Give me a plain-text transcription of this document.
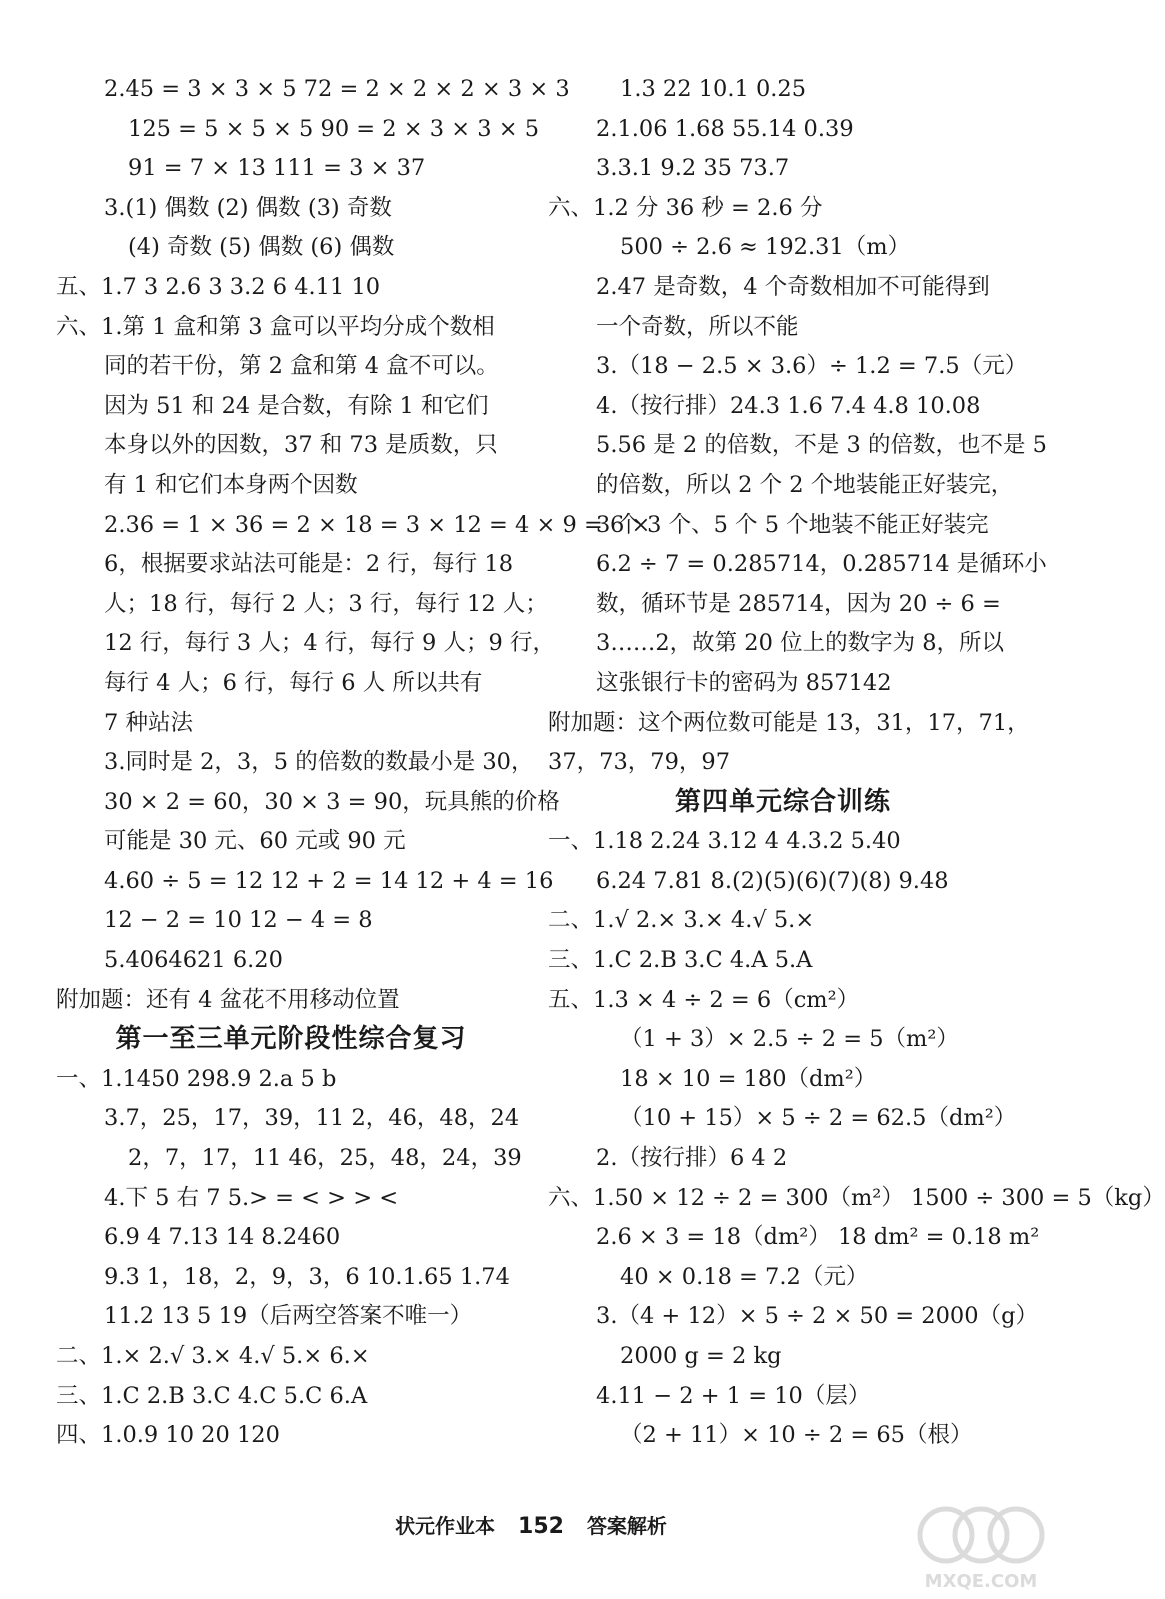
2.45 = 3 × 3 × 5 72 = 2 × 2 × 2 × 3 × 3
125 = 5 × 5 × 5 90 = 2 × 3 × 3 × 5
91 = 7 × 13 111 = 3 × 37
3.(1) 偶数 (2) 偶数 (3) 奇数
(4) 奇数 (5) 偶数 (6) 偶数
五、1.7 3 2.6 3 3.2 6 4.11 10
六、1.第 1 盒和第 3 盒可以平均分成个数相
同的若干份，第 2 盒和第 4 盒不可以。
因为 51 和 24 是合数，有除 1 和它们
本身以外的因数，37 和 73 是质数，只
有 1 和它们本身两个因数
2.36 = 1 × 36 = 2 × 18 = 3 × 12 = 4 × 9 = 6 ×
6，根据要求站法可能是：2 行，每行 18
人；18 行，每行 2 人；3 行，每行 12 人；
12 行，每行 3 人；4 行，每行 9 人；9 行，
每行 4 人；6 行，每行 6 人 所以共有
7 种站法
3.同时是 2，3，5 的倍数的数最小是 30，
30 × 2 = 60，30 × 3 = 90，玩具熊的价格
可能是 30 元、60 元或 90 元
4.60 ÷ 5 = 12 12 + 2 = 14 12 + 4 = 16
12 − 2 = 10 12 − 4 = 8
5.4064621 6.20
附加题：还有 4 盆花不用移动位置
第一至三单元阶段性综合复习
一、1.1450 298.9 2.a 5 b
3.7，25，17，39，11 2，46，48，24
2，7，17，11 46，25，48，24，39
4.下 5 右 7 5.> = < > > <
6.9 4 7.13 14 8.2460
9.3 1，18，2，9，3，6 10.1.65 1.74
11.2 13 5 19（后两空答案不唯一）
二、1.× 2.√ 3.× 4.√ 5.× 6.×
三、1.C 2.B 3.C 4.C 5.C 6.A
四、1.0.9 10 20 120
1.3 22 10.1 0.25
2.1.06 1.68 55.14 0.39
3.3.1 9.2 35 73.7
六、1.2 分 36 秒 = 2.6 分
500 ÷ 2.6 ≈ 192.31（m）
2.47 是奇数，4 个奇数相加不可能得到
一个奇数，所以不能
3.（18 − 2.5 × 3.6）÷ 1.2 = 7.5（元）
4.（按行排）24.3 1.6 7.4 4.8 10.08
5.56 是 2 的倍数，不是 3 的倍数，也不是 5
的倍数，所以 2 个 2 个地装能正好装完，
3 个 3 个、5 个 5 个地装不能正好装完
6.2 ÷ 7 = 0.2̇85714̇，0.2̇85714̇ 是循环小
数，循环节是 285714，因为 20 ÷ 6 =
3……2，故第 20 位上的数字为 8，所以
这张银行卡的密码为 857142
附加题：这个两位数可能是 13，31，17，71，
37，73，79，97
第四单元综合训练
一、1.18 2.24 3.12 4 4.3.2 5.40
6.24 7.81 8.(2)(5)(6)(7)(8) 9.48
二、1.√ 2.× 3.× 4.√ 5.×
三、1.C 2.B 3.C 4.A 5.A
五、1.3 × 4 ÷ 2 = 6（cm²）
（1 + 3）× 2.5 ÷ 2 = 5（m²）
18 × 10 = 180（dm²）
（10 + 15）× 5 ÷ 2 = 62.5（dm²）
2.（按行排）6 4 2
六、1.50 × 12 ÷ 2 = 300（m²） 1500 ÷ 300 = 5（kg）
2.6 × 3 = 18（dm²） 18 dm² = 0.18 m²
40 × 0.18 = 7.2（元）
3.（4 + 12）× 5 ÷ 2 × 50 = 2000（g）
2000 g = 2 kg
4.11 − 2 + 1 = 10（层）
（2 + 11）× 10 ÷ 2 = 65（根）
状元作业本 152 答案解析
MXQE.COM
